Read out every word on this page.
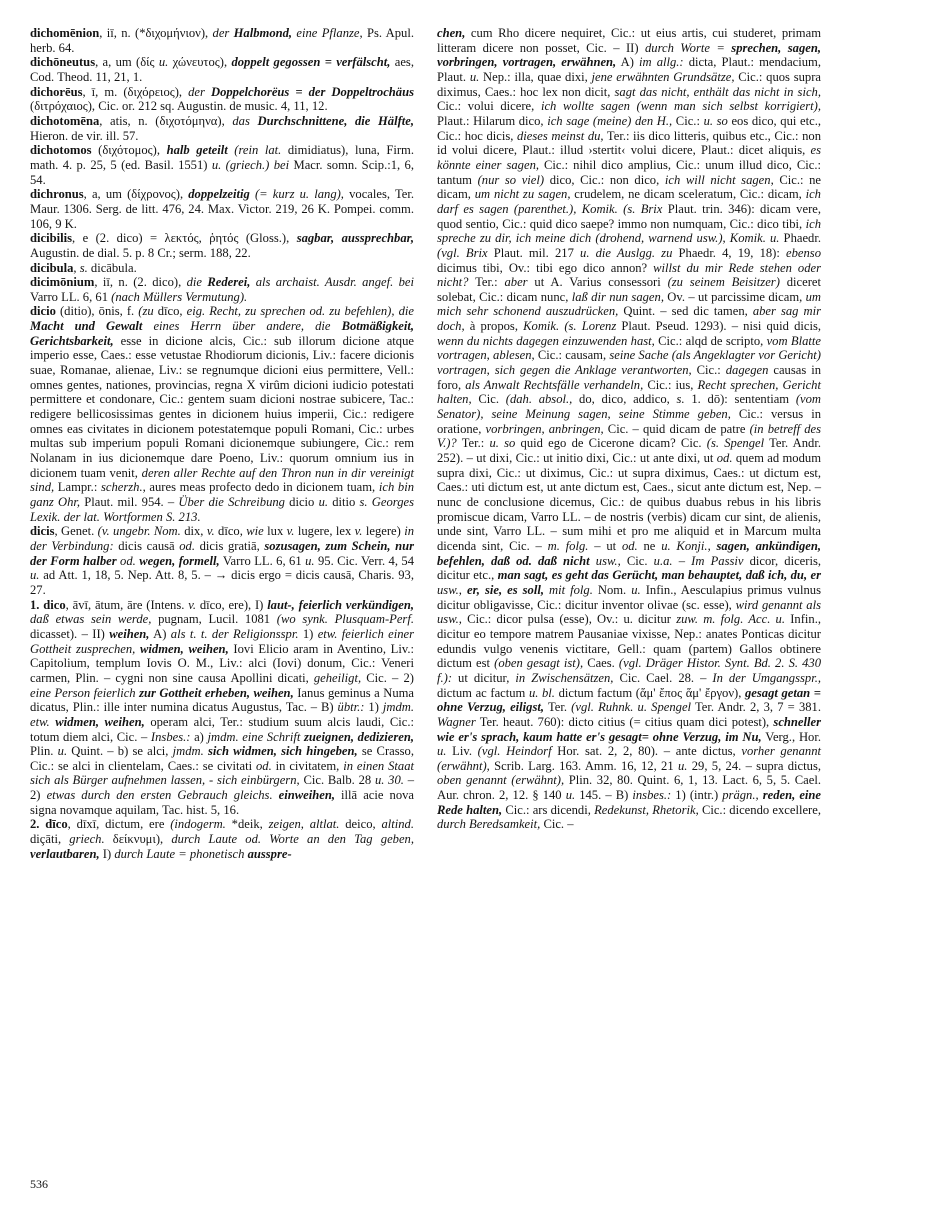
dichomēnion, iī, n. (*διχομήνιον), der Halbmond, eine Pflanze, Ps. Apul. herb. 64.

dichōneutus, a, um (δίς u. χώνευτος), doppelt gegossen = verfälscht, aes, Cod. Theod. 11, 21, 1.

dichorēus, ī, m. (διχόρειος), der Doppelchorëus = der Doppeltrochäus (διτρόχαιος), Cic. or. 212 sq. Augustin. de music. 4, 11, 12.

dichotomēna, atis, n. (διχοτόμηνα), das Durchschnittene, die Hälfte, Hieron. de vir. ill. 57.

dichotomos (διχότομος), halb geteilt (rein lat. dimidiatus), luna, Firm. math. 4. p. 25, 5 (ed. Basil. 1551) u. (griech.) bei Macr. somn. Scip.:1, 6, 54.

dichronus, a, um (δίχρονος), doppelzeitig (= kurz u. lang), vocales, Ter. Maur. 1306. Serg. de litt. 476, 24. Max. Victor. 219, 26 K. Pompei. comm. 106, 9 K.

dicibilis, e (2. dico) = λεκτός, ῥητός (Gloss.), sagbar, aussprechbar, Augustin. de dial. 5. p. 8 Cr.; serm. 188, 22.

dicibula, s. dicābula.

dicimōnium, iī, n. (2. dico), die Rederei, als archaist. Ausdr. angef. bei Varro LL. 6, 61 (nach Müllers Vermutung).

dicio (ditio), ōnis, f. (zu dīco, eig. Recht, zu sprechen od. zu befehlen), die Macht und Gewalt eines Herrn über andere, die Botmäßigkeit, Gerichtsbarkeit, esse in dicione alcis, Cic.: sub illorum dicione atque imperio esse, Caes.: esse vetustae Rhodiorum dicionis, Liv.: facere dicionis suae, Romanae, alienae, Liv.: se regnumque dicioni eius permittere, Vell.: omnes gentes, nationes, provincias, regna X virûm dicioni iudicio potestati permittere et condonare, Cic.: gentem suam dicioni nostrae subicere, Tac.: redigere bellicosissimas gentes in dicionem huius imperii, Cic.: redigere omnes eas civitates in dicionem potestatemque populi Romani, Cic.: urbes multas sub imperium populi Romani dicionemque subiungere, Cic.: rem Nolanam in ius dicionemque dare Poeno, Liv.: quorum omnium ius in dicionem tuam venit, deren aller Rechte auf den Thron nun in dir vereinigt sind, Lampr.: scherzh., aures meas profecto dedo in dicionem tuam, ich bin ganz Ohr, Plaut. mil. 954. – Über die Schreibung dicio u. ditio s. Georges Lexik. der lat. Wortformen S. 213.

dicis, Genet. (v. ungebr. Nom. dix, v. dīco, wie lux v. lugere, lex v. legere) in der Verbindung: dicis causā od. dicis gratiā, sozusagen, zum Schein, nur der Form halber od. wegen, formell, Varro LL. 6, 61 u. 95. Cic. Verr. 4, 54 u. ad Att. 1, 18, 5. Nep. Att. 8, 5. – → dicis ergo = dicis causā, Charis. 93, 27.

1. dico, āvī, ātum, āre (Intens. v. dīco, ere), I) laut-, feierlich verkündigen, daß etwas sein werde, pugnam, Lucil. 1081 (wo synk. Plusquam-Perf. dicasset). – II) weihen, A) als t. t. der Religionsspr. 1) etw. feierlich einer Gottheit zusprechen, widmen, weihen, Iovi Elicio aram in Aventino, Liv.: Capitolium, templum Iovis O. M., Liv.: alci (Iovi) donum, Cic.: Veneri carmen, Plin. – cygni non sine causa Apollini dicati, geheiligt, Cic. – 2) eine Person feierlich zur Gottheit erheben, weihen, Ianus geminus a Numa dicatus, Plin.: ille inter numina dicatus Augustus, Tac. – B) übtr.: 1) jmdm. etw. widmen, weihen, operam alci, Ter.: studium suum alcis laudi, Cic.: totum diem alci, Cic. – Insbes.: a) jmdm. eine Schrift zueignen, dedizieren, Plin. u. Quint. – b) se alci, jmdm. sich widmen, sich hingeben, se Crasso, Cic.: se alci in clientelam, Caes.: se civitati od. in civitatem, in einen Staat sich als Bürger aufnehmen lassen, - sich einbürgern, Cic. Balb. 28 u. 30. – 2) etwas durch den ersten Gebrauch gleichs. einweihen, illā acie nova signa novamque aquilam, Tac. hist. 5, 16.

2. dīco, dīxī, dictum, ere (indogerm. *deik, zeigen, altlat. deico, altind. diçāti, griech. δείκνυμι), durch Laute od. Worte an den Tag geben, verlautbaren, I) durch Laute = phonetisch ausspre-

chen, cum Rho dicere nequiret, Cic.: ut eius artis, cui studeret, primam litteram dicere non posset, Cic. – II) durch Worte = sprechen, sagen, vorbringen, vortragen, erwähnen, A) im allg.: dicta, Plaut.: mendacium, Plaut. u. Nep.: illa, quae dixi, jene erwähnten Grundsätze, Cic.: quos supra diximus, Caes.: hoc lex non dicit, sagt das nicht, enthält das nicht in sich, Cic.: volui dicere, ich wollte sagen (wenn man sich selbst korrigiert), Plaut.: Hilarum dico, ich sage (meine) den H., Cic.: u. so eos dico, qui etc., Cic.: hoc dicis, dieses meinst du, Ter.: iis dico litteris, quibus etc., Cic.: non id volui dicere, Plaut.: illud ›stertit‹ volui dicere, Plaut.: dicet aliquis, es könnte einer sagen, Cic.: nihil dico amplius, Cic.: unum illud dico, Cic.: tantum (nur so viel) dico, Cic.: non dico, ich will nicht sagen, Cic.: ne dicam, um nicht zu sagen, crudelem, ne dicam sceleratum, Cic.: dicam, ich darf es sagen (parenthet.), Komik. (s. Brix Plaut. trin. 346): dicam vere, quod sentio, Cic.: quid dico saepe? immo non numquam, Cic.: dico tibi, ich spreche zu dir, ich meine dich (drohend, warnend usw.), Komik. u. Phaedr. (vgl. Brix Plaut. mil. 217 u. die Auslgg. zu Phaedr. 4, 19, 18): ebenso dicimus tibi, Ov.: tibi ego dico annon? willst du mir Rede stehen oder nicht? Ter.: aber ut A. Varius consessori (zu seinem Beisitzer) diceret solebat, Cic.: dicam nunc, laß dir nun sagen, Ov. – ut parcissime dicam, um mich sehr schonend auszudrücken, Quint. – sed dic tamen, aber sag mir doch, à propos, Komik. (s. Lorenz Plaut. Pseud. 1293). – nisi quid dicis, wenn du nichts dagegen einzuwenden hast, Cic.: alqd de scripto, vom Blatte vortragen, ablesen, Cic.: causam, seine Sache (als Angeklagter vor Gericht) vortragen, sich gegen die Anklage verantworten, Cic.: dagegen causas in foro, als Anwalt Rechtsfälle verhandeln, Cic.: ius, Recht sprechen, Gericht halten, Cic. (dah. absol., do, dico, addico, s. 1. dō): sententiam (vom Senator), seine Meinung sagen, seine Stimme geben, Cic.: versus in oratione, vorbringen, anbringen, Cic. – quid dicam de patre (in betreff des V.)? Ter.: u. so quid ego de Cicerone dicam? Cic. (s. Spengel Ter. Andr. 252). – ut dixi, Cic.: ut initio dixi, Cic.: ut ante dixi, ut od. quem ad modum supra dixi, Cic.: ut diximus, Cic.: ut supra diximus, Caes.: ut dictum est, Caes.: uti dictum est, ut ante dictum est, Caes., sicut ante dictum est, Nep. – nunc de conclusione dicemus, Cic.: de quibus duabus rebus in his libris promiscue dicam, Varro LL. – de nostris (verbis) dicam cur sint, de alienis, unde sint, Varro LL. – sum mihi et pro me aliquid et in Marcum multa dicenda sint, Cic. – m. folg. – ut od. ne u. Konji., sagen, ankündigen, befehlen, daß od. daß nicht usw., Cic. u.a. – Im Passiv dicor, diceris, dicitur etc., man sagt, es geht das Gerücht, man behauptet, daß ich, du, er usw., er, sie, es soll, mit folg. Nom. u. Infin., Aesculapius primus vulnus dicitur obligavisse, Cic.: dicitur inventor olivae (sc. esse), wird genannt als usw., Cic.: dicor pulsa (esse), Ov.: u. dicitur zuw. m. folg. Acc. u. Infin., dicitur eo tempore matrem Pausaniae vixisse, Nep.: anates Ponticas dicitur edundis vulgo venenis victitare, Gell.: quam (partem) Gallos obtinere dictum est (oben gesagt ist), Caes. (vgl. Dräger Histor. Synt. Bd. 2. S. 430 f.): ut dicitur, in Zwischensätzen, Cic. Cael. 28. – In der Umgangsspr., dictum ac factum u. bl. dictum factum (ἅμ' ἔπος ἅμ' ἔργον), gesagt getan = ohne Verzug, eiligst, Ter. (vgl. Ruhnk. u. Spengel Ter. Andr. 2, 3, 7 = 381. Wagner Ter. heaut. 760): dicto citius (= citius quam dici potest), schneller wie er's sprach, kaum hatte er's gesagt= ohne Verzug, im Nu, Verg., Hor. u. Liv. (vgl. Heindorf Hor. sat. 2, 2, 80). – ante dictus, vorher genannt (erwähnt), Scrib. Larg. 163. Amm. 16, 12, 21 u. 29, 5, 24. – supra dictus, oben genannt (erwähnt), Plin. 32, 80. Quint. 6, 1, 13. Lact. 6, 5, 5. Cael. Aur. chron. 2, 12. § 140 u. 145. – B) insbes.: 1) (intr.) prägn., reden, eine Rede halten, Cic.: ars dicendi, Redekunst, Rhetorik, Cic.: dicendo excellere, durch Beredsamkeit, Cic. –

536
